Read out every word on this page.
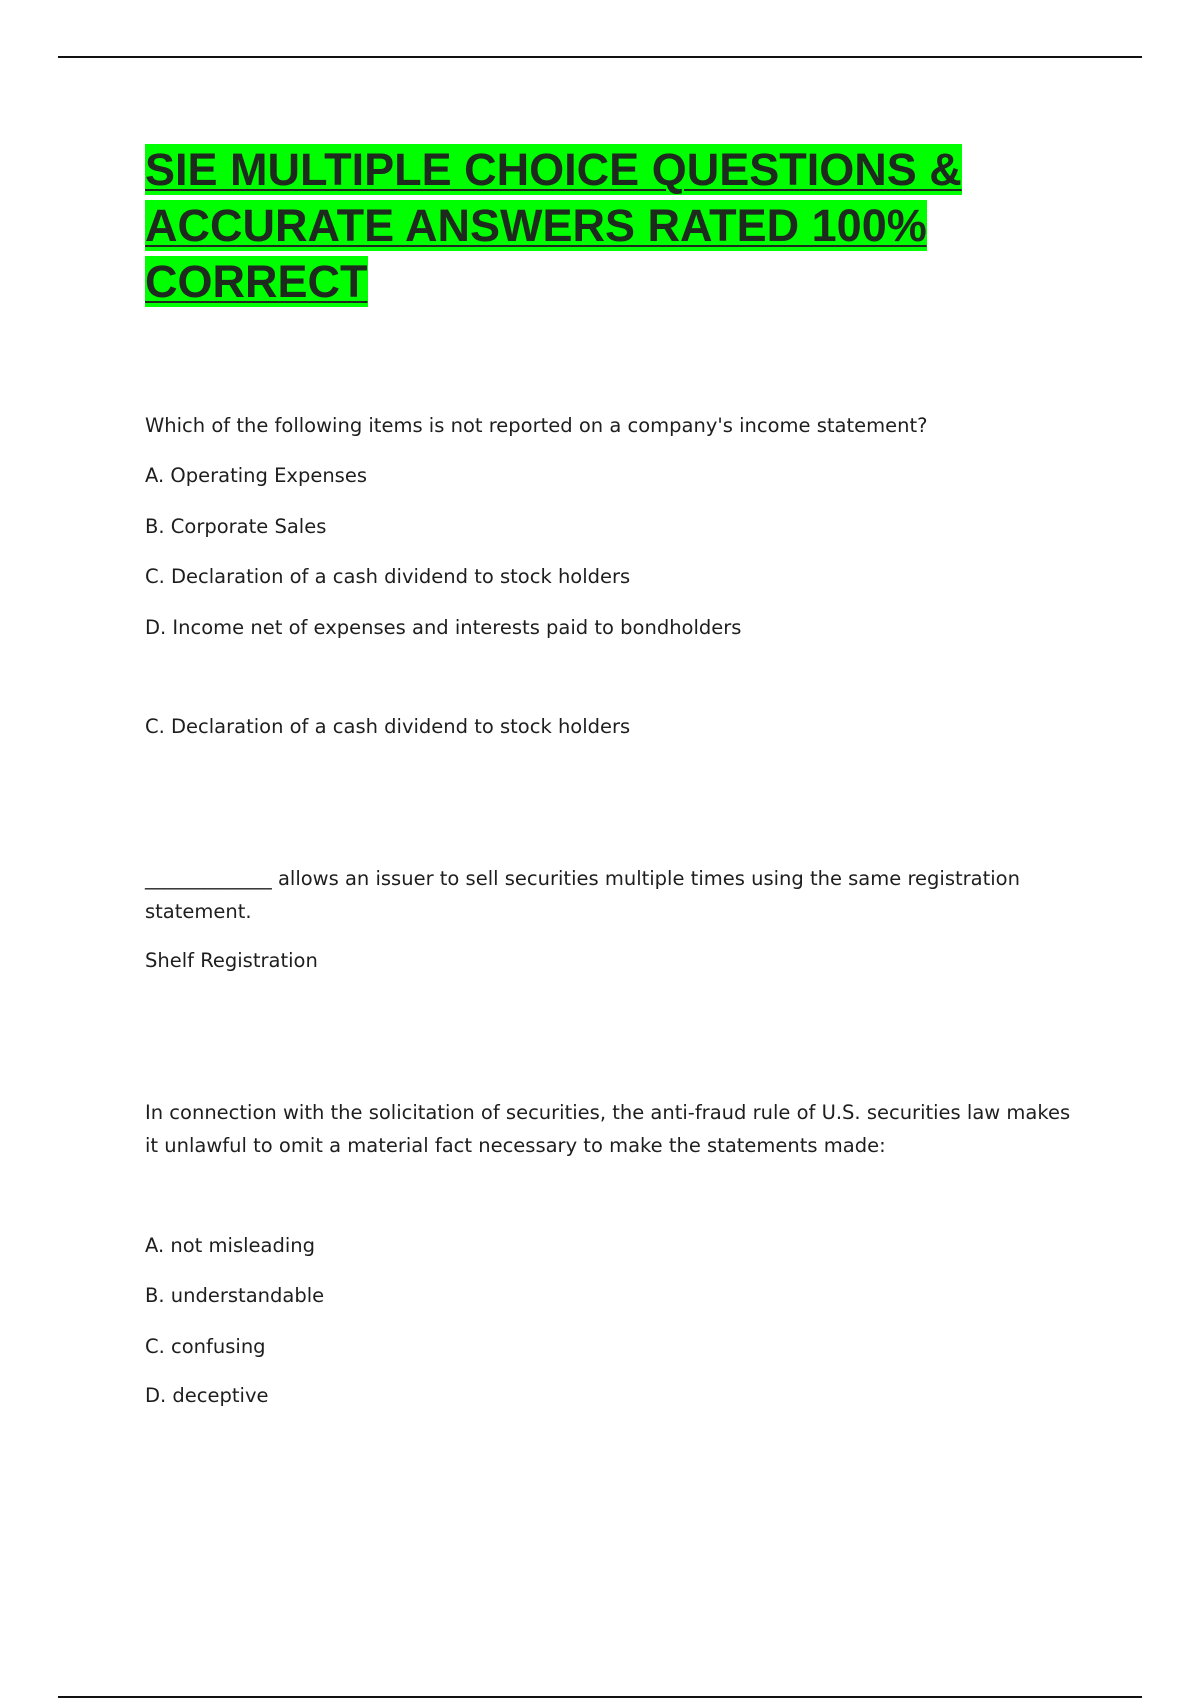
SIE MULTIPLE CHOICE QUESTIONS & ACCURATE ANSWERS RATED 100% CORRECT
Which of the following items is not reported on a company's income statement?
A. Operating Expenses
B. Corporate Sales
C. Declaration of a cash dividend to stock holders
D. Income net of expenses and interests paid to bondholders
C. Declaration of a cash dividend to stock holders
_____________ allows an issuer to sell securities multiple times using the same registration statement.
Shelf Registration
In connection with the solicitation of securities, the anti-fraud rule of U.S. securities law makes it unlawful to omit a material fact necessary to make the statements made:
A. not misleading
B. understandable
C. confusing
D. deceptive
